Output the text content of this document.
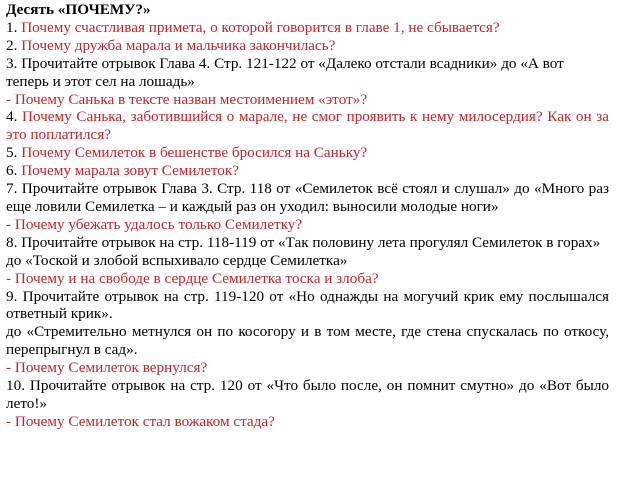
Десять «ПОЧЕМУ?»

1. Почему счастливая примета, о которой говорится в главе 1, не сбывается?

2. Почему дружба марала и мальчика закончилась?

3. Прочитайте отрывок Глава 4. Стр. 121-122 от «Далеко отстали всадники» до «А вот теперь и этот сел на лошадь»

- Почему Санька в тексте назван местоимением «этот»?

4. Почему Санька, заботившийся о марале, не смог проявить к нему милосердия? Как он за это поплатился?

5. Почему Семилеток в бешенстве бросился на Саньку?

6. Почему марала зовут Семилеток?

7. Прочитайте отрывок Глава 3. Стр. 118 от «Семилеток всё стоял и слушал» до «Много раз еще ловили Семилетка – и каждый раз он уходил: выносили молодые ноги»

- Почему убежать удалось только Семилетку?

8. Прочитайте отрывок на стр. 118-119 от «Так половину лета прогулял Семилеток в горах»

до «Тоской и злобой вспыхивало сердце Семилетка»

- Почему и на свободе в сердце Семилетка тоска и злоба?

9. Прочитайте отрывок на стр. 119-120 от «Но однажды на могучий крик ему послышался ответный крик».

до «Стремительно метнулся он по косогору и в том месте, где стена спускалась по откосу, перепрыгнул в сад».

- Почему Семилеток вернулся?

10. Прочитайте отрывок на стр. 120 от «Что было после, он помнит смутно» до «Вот было лето!»

- Почему Семилеток стал вожаком стада?
